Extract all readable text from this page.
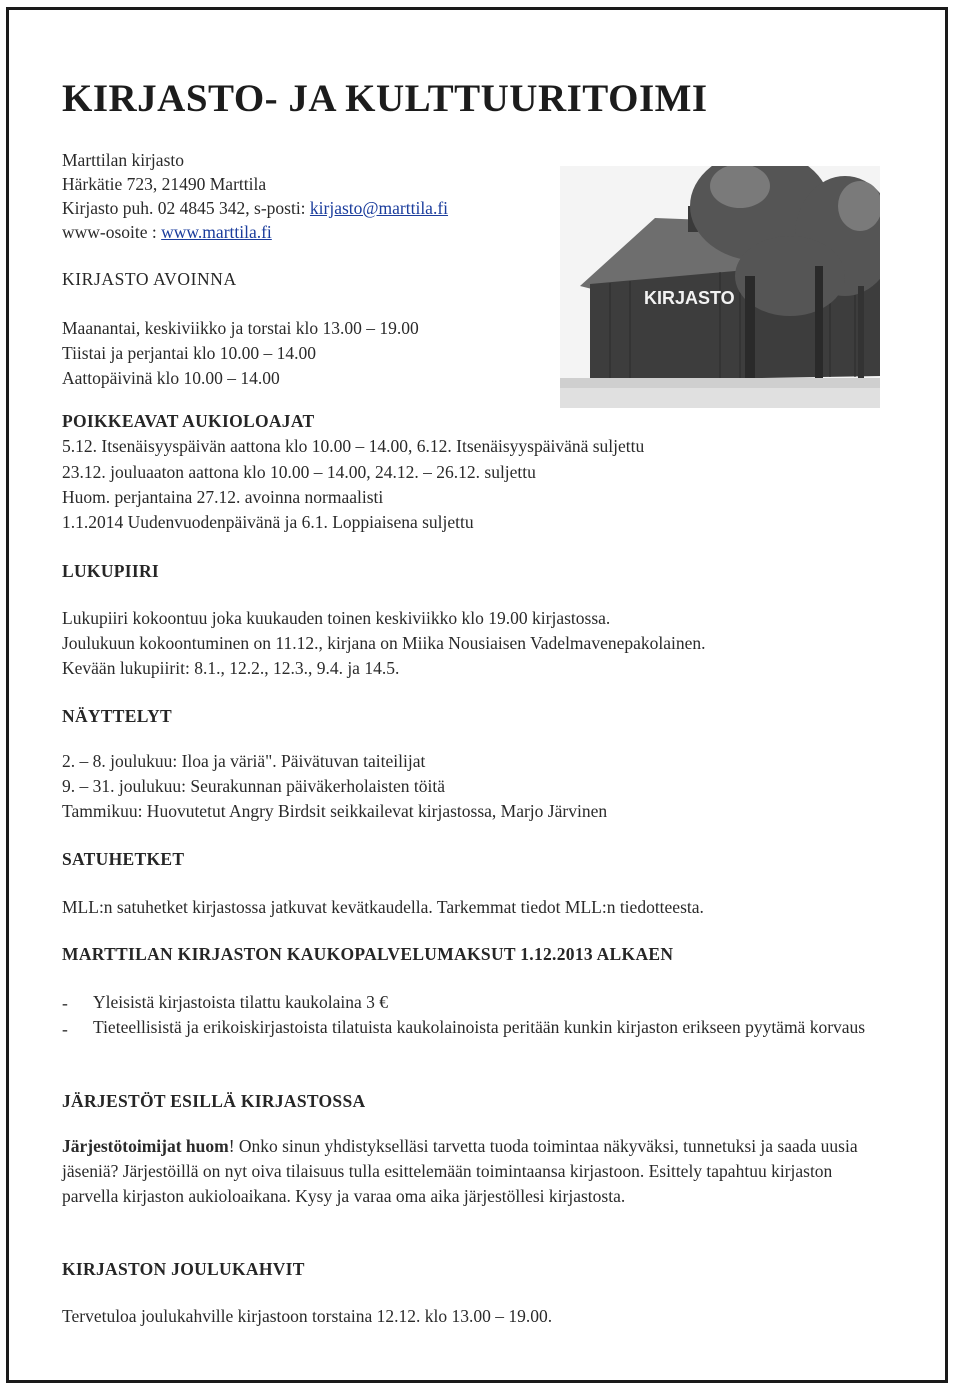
KIRJASTO- JA KULTTUURITOIMI

Marttilan kirjasto

Härkätie 723, 21490 Marttila

Kirjasto puh. 02 4845 342, s-posti: kirjasto@marttila.fi

www-osoite : www.marttila.fi

KIRJASTO

KIRJASTO AVOINNA

Maanantai, keskiviikko ja torstai klo 13.00 – 19.00

Tiistai ja perjantai klo 10.00 – 14.00

Aattopäivinä klo 10.00 – 14.00

POIKKEAVAT AUKIOLOAJAT

5.12. Itsenäisyyspäivän aattona klo 10.00 – 14.00, 6.12. Itsenäisyyspäivänä suljettu

23.12. jouluaaton aattona klo 10.00 – 14.00, 24.12. – 26.12. suljettu

Huom. perjantaina 27.12. avoinna normaalisti

1.1.2014 Uudenvuodenpäivänä ja 6.1. Loppiaisena suljettu

LUKUPIIRI

Lukupiiri kokoontuu joka kuukauden toinen keskiviikko klo 19.00 kirjastossa.

Joulukuun kokoontuminen on 11.12., kirjana on Miika Nousiaisen Vadelmavenepakolainen.

Kevään lukupiirit: 8.1., 12.2., 12.3., 9.4. ja 14.5.

NÄYTTELYT

2. – 8. joulukuu: Iloa ja väriä". Päivätuvan taiteilijat

9. – 31. joulukuu: Seurakunnan päiväkerholaisten töitä

Tammikuu: Huovutetut Angry Birdsit seikkailevat kirjastossa, Marjo Järvinen

SATUHETKET

MLL:n satuhetket kirjastossa jatkuvat kevätkaudella. Tarkemmat tiedot MLL:n tiedotteesta.

MARTTILAN KIRJASTON KAUKOPALVELUMAKSUT 1.12.2013 ALKAEN

- Yleisistä kirjastoista tilattu kaukolaina 3 €

- Tieteellisistä ja erikoiskirjastoista tilatuista kaukolainoista peritään kunkin kirjaston erikseen pyytämä korvaus

JÄRJESTÖT ESILLÄ KIRJASTOSSA

Järjestötoimijat huom! Onko sinun yhdistykselläsi tarvetta tuoda toimintaa näkyväksi, tunnetuksi ja saada uusia jäseniä? Järjestöillä on nyt oiva tilaisuus tulla esittelemään toimintaansa kirjastoon. Esittely tapahtuu kirjaston parvella kirjaston aukioloaikana. Kysy ja varaa oma aika järjestöllesi kirjastosta.

KIRJASTON JOULUKAHVIT

Tervetuloa joulukahville kirjastoon torstaina 12.12. klo 13.00 – 19.00.
